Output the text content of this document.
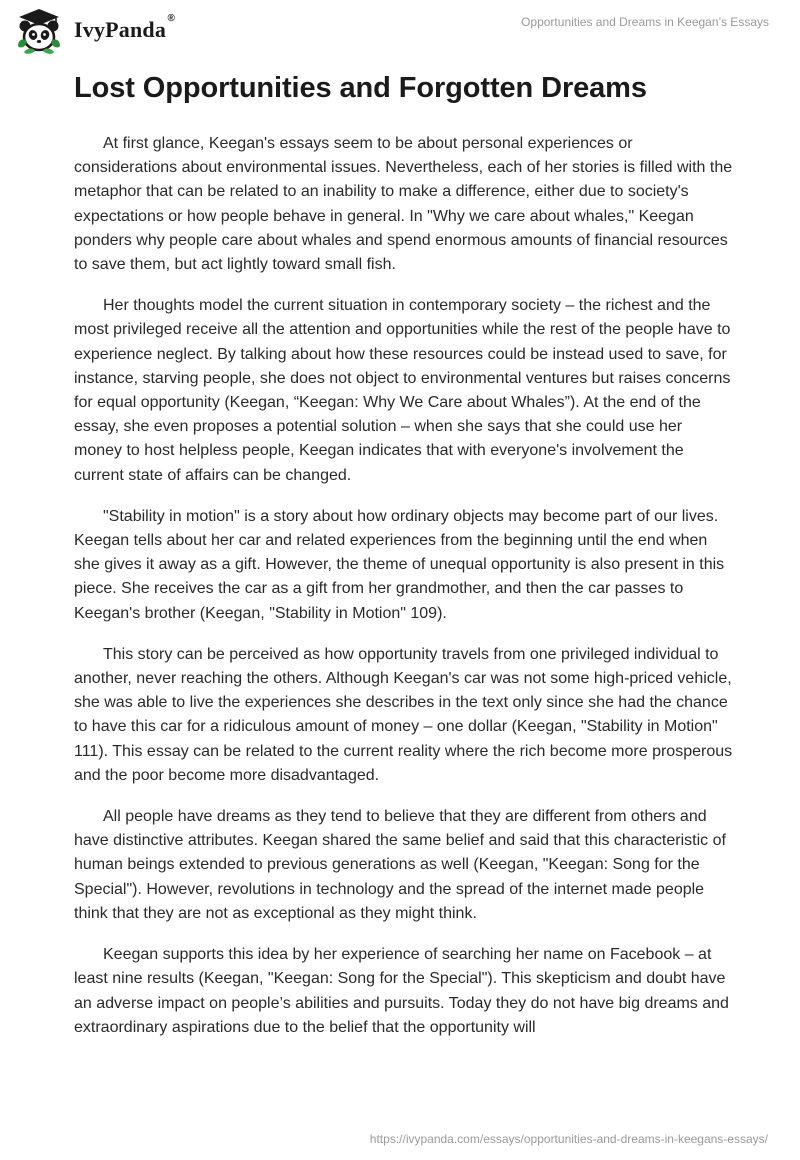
IvyPanda ®	Opportunities and Dreams in Keegan’s Essays
Lost Opportunities and Forgotten Dreams

At first glance, Keegan's essays seem to be about personal experiences or considerations about environmental issues. Nevertheless, each of her stories is filled with the metaphor that can be related to an inability to make a difference, either due to society's expectations or how people behave in general. In "Why we care about whales," Keegan ponders why people care about whales and spend enormous amounts of financial resources to save them, but act lightly toward small fish.

Her thoughts model the current situation in contemporary society – the richest and the most privileged receive all the attention and opportunities while the rest of the people have to experience neglect. By talking about how these resources could be instead used to save, for instance, starving people, she does not object to environmental ventures but raises concerns for equal opportunity (Keegan, “Keegan: Why We Care about Whales”). At the end of the essay, she even proposes a potential solution – when she says that she could use her money to host helpless people, Keegan indicates that with everyone's involvement the current state of affairs can be changed.

"Stability in motion" is a story about how ordinary objects may become part of our lives. Keegan tells about her car and related experiences from the beginning until the end when she gives it away as a gift. However, the theme of unequal opportunity is also present in this piece. She receives the car as a gift from her grandmother, and then the car passes to Keegan's brother (Keegan, "Stability in Motion" 109).

This story can be perceived as how opportunity travels from one privileged individual to another, never reaching the others. Although Keegan's car was not some high-priced vehicle, she was able to live the experiences she describes in the text only since she had the chance to have this car for a ridiculous amount of money – one dollar (Keegan, "Stability in Motion" 111). This essay can be related to the current reality where the rich become more prosperous and the poor become more disadvantaged.

All people have dreams as they tend to believe that they are different from others and have distinctive attributes. Keegan shared the same belief and said that this characteristic of human beings extended to previous generations as well (Keegan, "Keegan: Song for the Special"). However, revolutions in technology and the spread of the internet made people think that they are not as exceptional as they might think.

Keegan supports this idea by her experience of searching her name on Facebook – at least nine results (Keegan, "Keegan: Song for the Special"). This skepticism and doubt have an adverse impact on people’s abilities and pursuits. Today they do not have big dreams and extraordinary aspirations due to the belief that the opportunity will

https://ivypanda.com/essays/opportunities-and-dreams-in-keegans-essays/
